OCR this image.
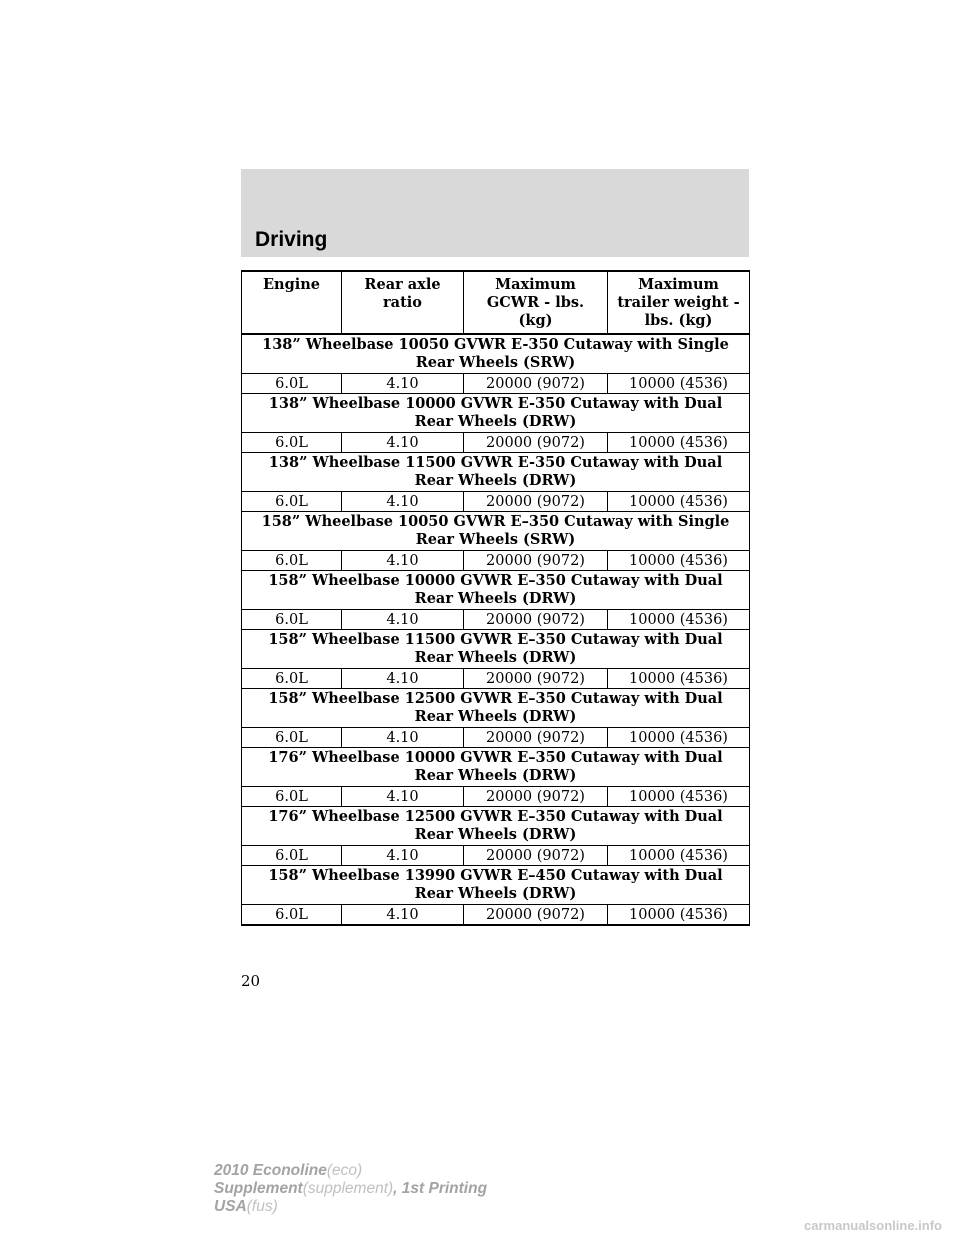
Driving
Engine	Rear axle ratio	Maximum GCWR - lbs. (kg)	Maximum trailer weight - lbs. (kg)
138” Wheelbase 10050 GVWR E-350 Cutaway with Single Rear Wheels (SRW)			
6.0L	4.10	20000 (9072)	10000 (4536)
138” Wheelbase 10000 GVWR E-350 Cutaway with Dual Rear Wheels (DRW)			
6.0L	4.10	20000 (9072)	10000 (4536)
138” Wheelbase 11500 GVWR E-350 Cutaway with Dual Rear Wheels (DRW)			
6.0L	4.10	20000 (9072)	10000 (4536)
158” Wheelbase 10050 GVWR E–350 Cutaway with Single Rear Wheels (SRW)			
6.0L	4.10	20000 (9072)	10000 (4536)
158” Wheelbase 10000 GVWR E–350 Cutaway with Dual Rear Wheels (DRW)			
6.0L	4.10	20000 (9072)	10000 (4536)
158” Wheelbase 11500 GVWR E–350 Cutaway with Dual Rear Wheels (DRW)			
6.0L	4.10	20000 (9072)	10000 (4536)
158” Wheelbase 12500 GVWR E–350 Cutaway with Dual Rear Wheels (DRW)			
6.0L	4.10	20000 (9072)	10000 (4536)
176” Wheelbase 10000 GVWR E–350 Cutaway with Dual Rear Wheels (DRW)			
6.0L	4.10	20000 (9072)	10000 (4536)
176” Wheelbase 12500 GVWR E–350 Cutaway with Dual Rear Wheels (DRW)			
6.0L	4.10	20000 (9072)	10000 (4536)
158” Wheelbase 13990 GVWR E–450 Cutaway with Dual Rear Wheels (DRW)			
6.0L	4.10	20000 (9072)	10000 (4536)
20
2010 Econoline(eco)
Supplement(supplement), 1st Printing
USA(fus)
carmanualsonline.info
